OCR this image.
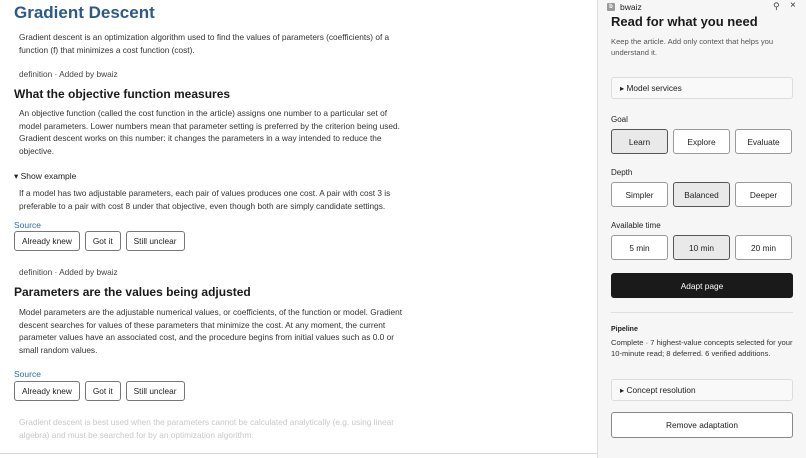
Gradient Descent
Gradient descent is an optimization algorithm used to find the values of parameters (coefficients) of a function (f) that minimizes a cost function (cost).
definition · Added by bwaiz
What the objective function measures
An objective function (called the cost function in the article) assigns one number to a particular set of model parameters. Lower numbers mean that parameter setting is preferred by the criterion being used. Gradient descent works on this number: it changes the parameters in a way intended to reduce the objective.
▾ Show example
If a model has two adjustable parameters, each pair of values produces one cost. A pair with cost 3 is preferable to a pair with cost 8 under that objective, even though both are simply candidate settings.
Source
Already knew	Got it	Still unclear
definition · Added by bwaiz
Parameters are the values being adjusted
Model parameters are the adjustable numerical values, or coefficients, of the function or model. Gradient descent searches for values of these parameters that minimize the cost. At any moment, the current parameter values have an associated cost, and the procedure begins from initial values such as 0.0 or small random values.
Source
Already knew	Got it	Still unclear
Gradient descent is best used when the parameters cannot be calculated analytically (e.g. using linear algebra) and must be searched for by an optimization algorithm.
b bwaiz	⚲ ×
Read for what you need
Keep the article. Add only context that helps you understand it.
▸ Model services
Goal
Learn	Explore	Evaluate
Depth
Simpler	Balanced	Deeper
Available time
5 min	10 min	20 min
Adapt page
Pipeline
Complete · 7 highest-value concepts selected for your 10-minute read; 8 deferred. 6 verified additions.
▸ Concept resolution
Remove adaptation
